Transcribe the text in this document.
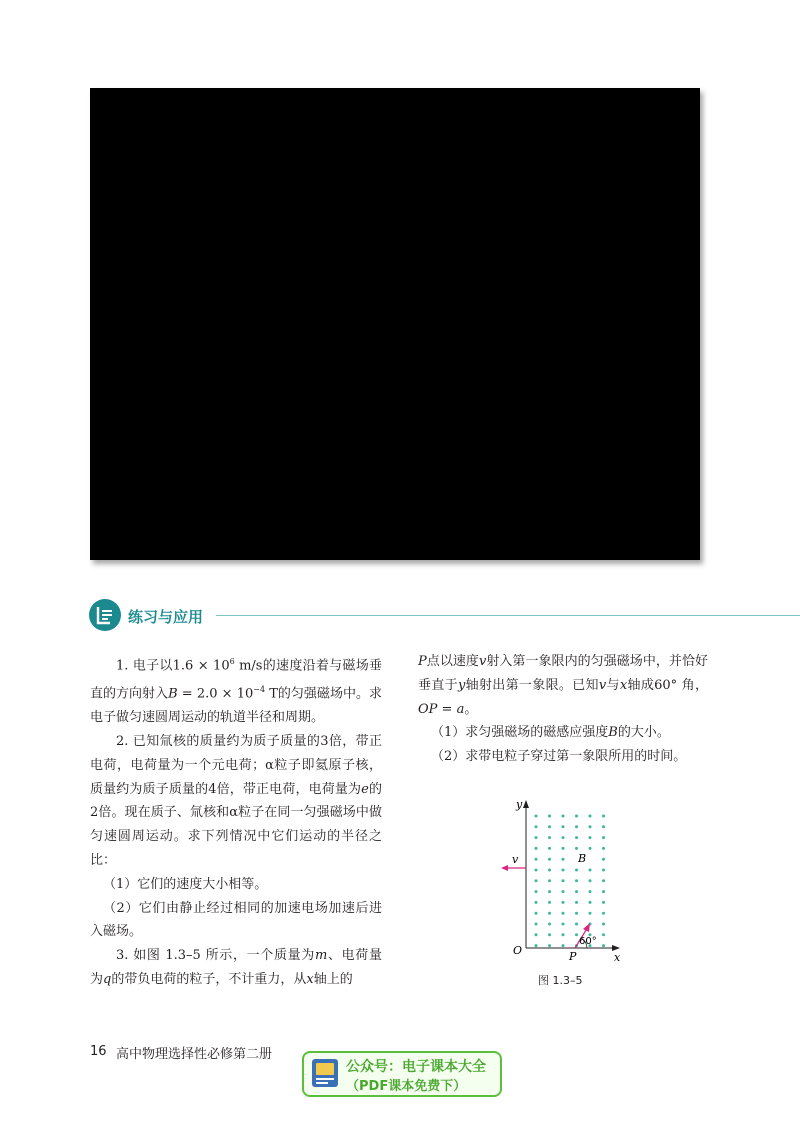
练习与应用

1. 电子以$1.6 \times 10^6$ m/s的速度沿着与磁场垂直的方向射入$B = 2.0 \times 10^{-4}$ T的匀强磁场中。求电子做匀速圆周运动的轨道半径和周期。

2. 已知氚核的质量约为质子质量的3倍，带正电荷，电荷量为一个元电荷；α粒子即氦原子核，质量约为质子质量的4倍，带正电荷，电荷量为e的2倍。现在质子、氚核和α粒子在同一匀强磁场中做匀速圆周运动。求下列情况中它们运动的半径之比：

（1）它们的速度大小相等。

（2）它们由静止经过相同的加速电场加速后进入磁场。

3. 如图 1.3–5 所示，一个质量为m、电荷量为q的带负电荷的粒子，不计重力，从x轴上的

P点以速度v射入第一象限内的匀强磁场中，并恰好垂直于y轴射出第一象限。已知v与x轴成60° 角，OP = a。

（1）求匀强磁场的磁感应强度B的大小。

（2）求带电粒子穿过第一象限所用的时间。

y
x
O	P
v	B
60°
图 1.3–5
16 高中物理选择性必修第二册
公众号：电子课本大全
（PDF课本免费下）
